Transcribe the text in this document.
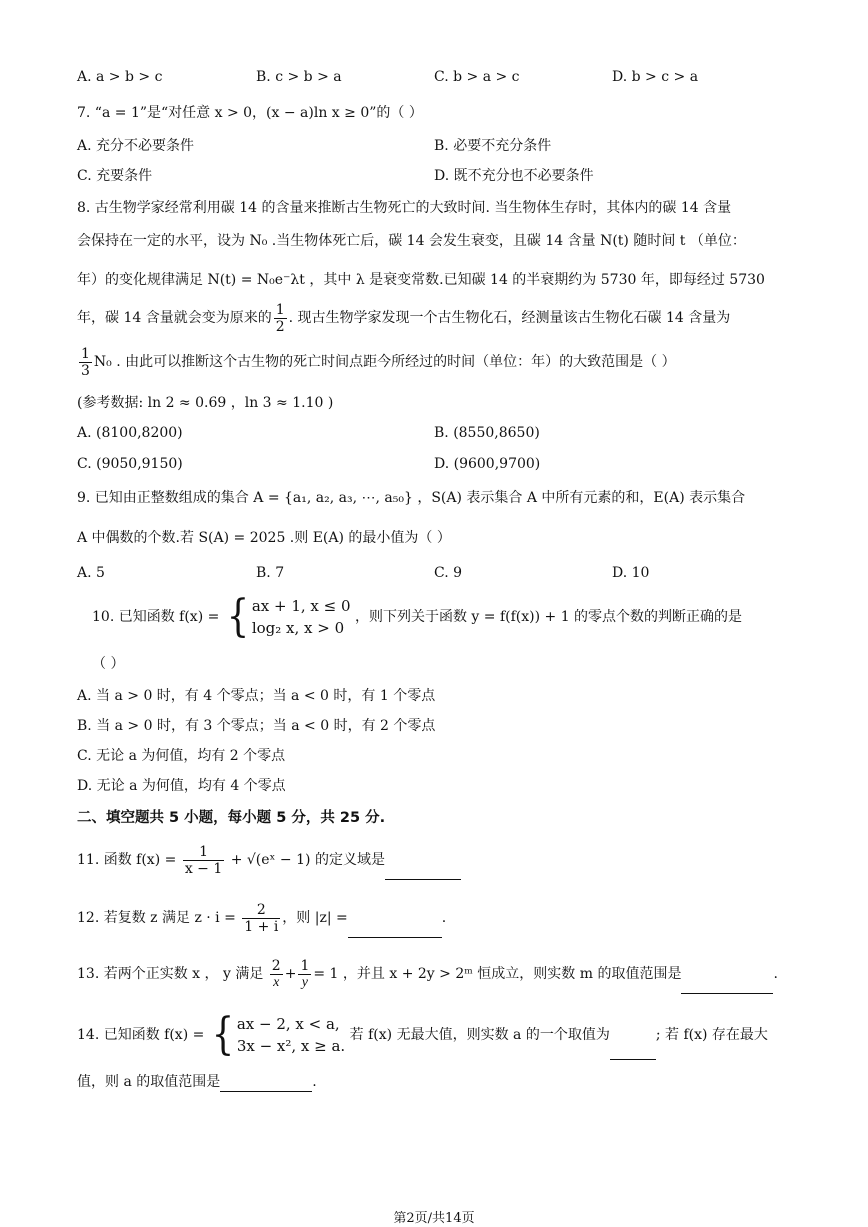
A. a > b > c	B. c > b > a	C. b > a > c	D. b > c > a
7. “a = 1”是“对任意 x > 0，(x − a)ln x ≥ 0”的（ ）
A. 充分不必要条件	B. 必要不充分条件
C. 充要条件	D. 既不充分也不必要条件
8. 古生物学家经常利用碳 14 的含量来推断古生物死亡的大致时间. 当生物体生存时，其体内的碳 14 含量
会保持在一定的水平，设为 N₀ .当生物体死亡后，碳 14 会发生衰变，且碳 14 含量 N(t) 随时间 t （单位：
年）的变化规律满足 N(t) = N₀e⁻λt ，其中 λ 是衰变常数.已知碳 14 的半衰期约为 5730 年，即每经过 5730
年，碳 14 含量就会变为原来的 $\frac{1}{2}$ . 现古生物学家发现一个古生物化石，经测量该古生物化石碳 14 含量为
$\frac{1}{3} N_0$ . 由此可以推断这个古生物的死亡时间点距今所经过的时间（单位：年）的大致范围是（ ）
(参考数据: ln 2 ≈ 0.69 ，ln 3 ≈ 1.10 )
A. (8100,8200)	B. (8550,8650)
C. (9050,9150)	D. (9600,9700)
9. 已知由正整数组成的集合 A = {a₁, a₂, a₃, ⋯, a₅₀} ，S(A) 表示集合 A 中所有元素的和，E(A) 表示集合
A 中偶数的个数.若 S(A) = 2025 .则 E(A) 的最小值为（ ）
A. 5	B. 7	C. 9	D. 10
10. 已知函数 f(x) = { ax + 1, x ≤ 0
log₂ x, x > 0
，则下列关于函数 y = f(f(x)) + 1 的零点个数的判断正确的是
（ ）
A. 当 a > 0 时，有 4 个零点；当 a < 0 时，有 1 个零点
B. 当 a > 0 时，有 3 个零点；当 a < 0 时，有 2 个零点
C. 无论 a 为何值，均有 2 个零点
D. 无论 a 为何值，均有 4 个零点
二、填空题共 5 小题，每小题 5 分，共 25 分.
11. 函数 $f(x) = \frac{1}{x - 1}$ + √(eˣ − 1) 的定义域是
12. 若复数 z 满足 $z \cdot i = \frac{2}{1 + i}$ ，则 |z| =	.
13. 若两个正实数 x ， y 满足 $\frac{2}{x} + \frac{1}{y} = 1$ ，并且 x + 2y > 2ᵐ 恒成立，则实数 m 的取值范围是	.
14. 已知函数 f(x) = { ax − 2, x < a,
3x − x², x ≥ a.
若 f(x) 无最大值，则实数 a 的一个取值为	; 若 f(x) 存在最大
值，则 a 的取值范围是	.
第2页/共14页
